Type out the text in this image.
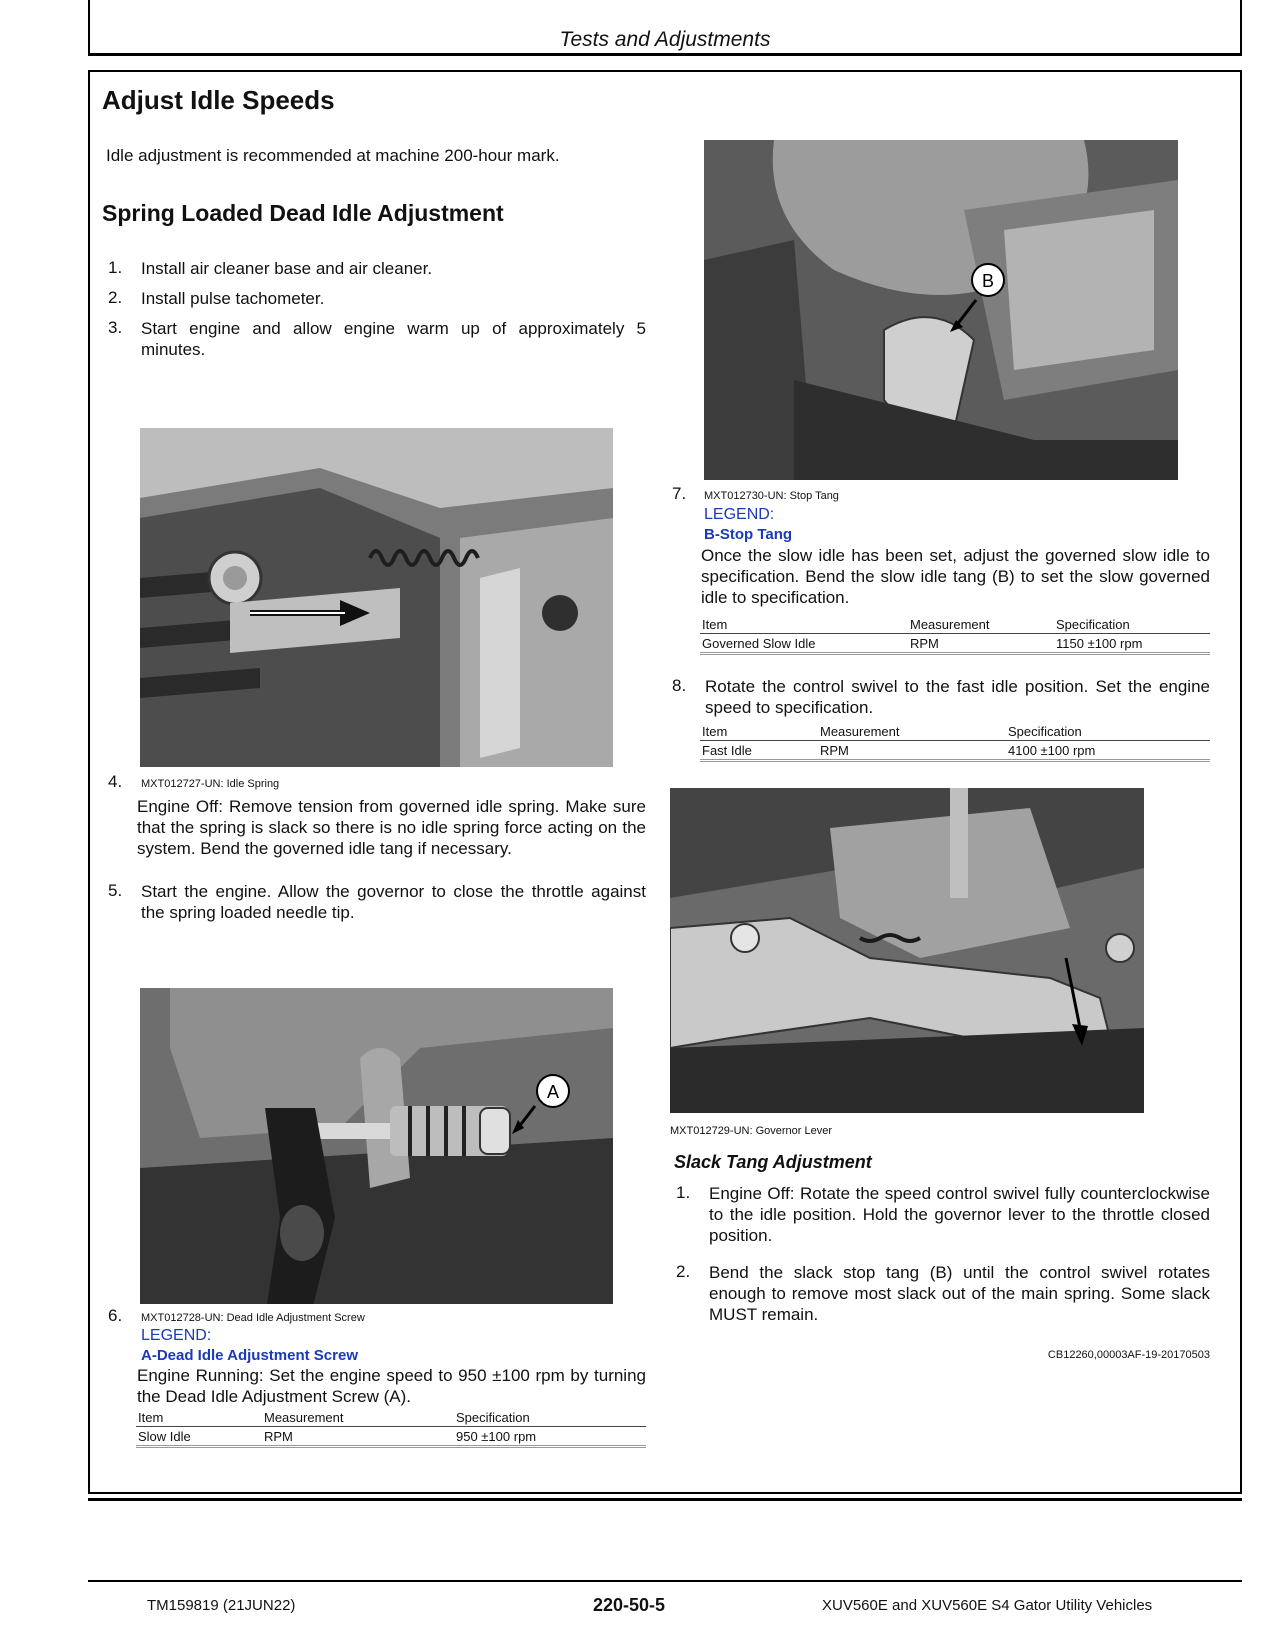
Tests and Adjustments
Adjust Idle Speeds
Idle adjustment is recommended at machine 200-hour mark.
Spring Loaded Dead Idle Adjustment
1. Install air cleaner base and air cleaner.
2. Install pulse tachometer.
3. Start engine and allow engine warm up of approximately 5 minutes.
4. MXT012727-UN: Idle Spring
Engine Off: Remove tension from governed idle spring. Make sure that the spring is slack so there is no idle spring force acting on the system. Bend the governed idle tang if necessary.
5. Start the engine. Allow the governor to close the throttle against the spring loaded needle tip.
A
6. MXT012728-UN: Dead Idle Adjustment Screw
LEGEND:
A-Dead Idle Adjustment Screw
Engine Running: Set the engine speed to 950 ±100 rpm by turning the Dead Idle Adjustment Screw (A).
Item	Measurement	Specification
Slow Idle	RPM	950 ±100 rpm
B
7. MXT012730-UN: Stop Tang
LEGEND:
B-Stop Tang
Once the slow idle has been set, adjust the governed slow idle to specification. Bend the slow idle tang (B) to set the slow governed idle to specification.
Item	Measurement	Specification
Governed Slow Idle	RPM	1150 ±100 rpm
8. Rotate the control swivel to the fast idle position. Set the engine speed to specification.
Item	Measurement	Specification
Fast Idle	RPM	4100 ±100 rpm
MXT012729-UN: Governor Lever
Slack Tang Adjustment
1. Engine Off: Rotate the speed control swivel fully counterclockwise to the idle position. Hold the governor lever to the throttle closed position.
2. Bend the slack stop tang (B) until the control swivel rotates enough to remove most slack out of the main spring. Some slack MUST remain.
CB12260,00003AF-19-20170503
TM159819 (21JUN22)	220-50-5	XUV560E and XUV560E S4 Gator Utility Vehicles
